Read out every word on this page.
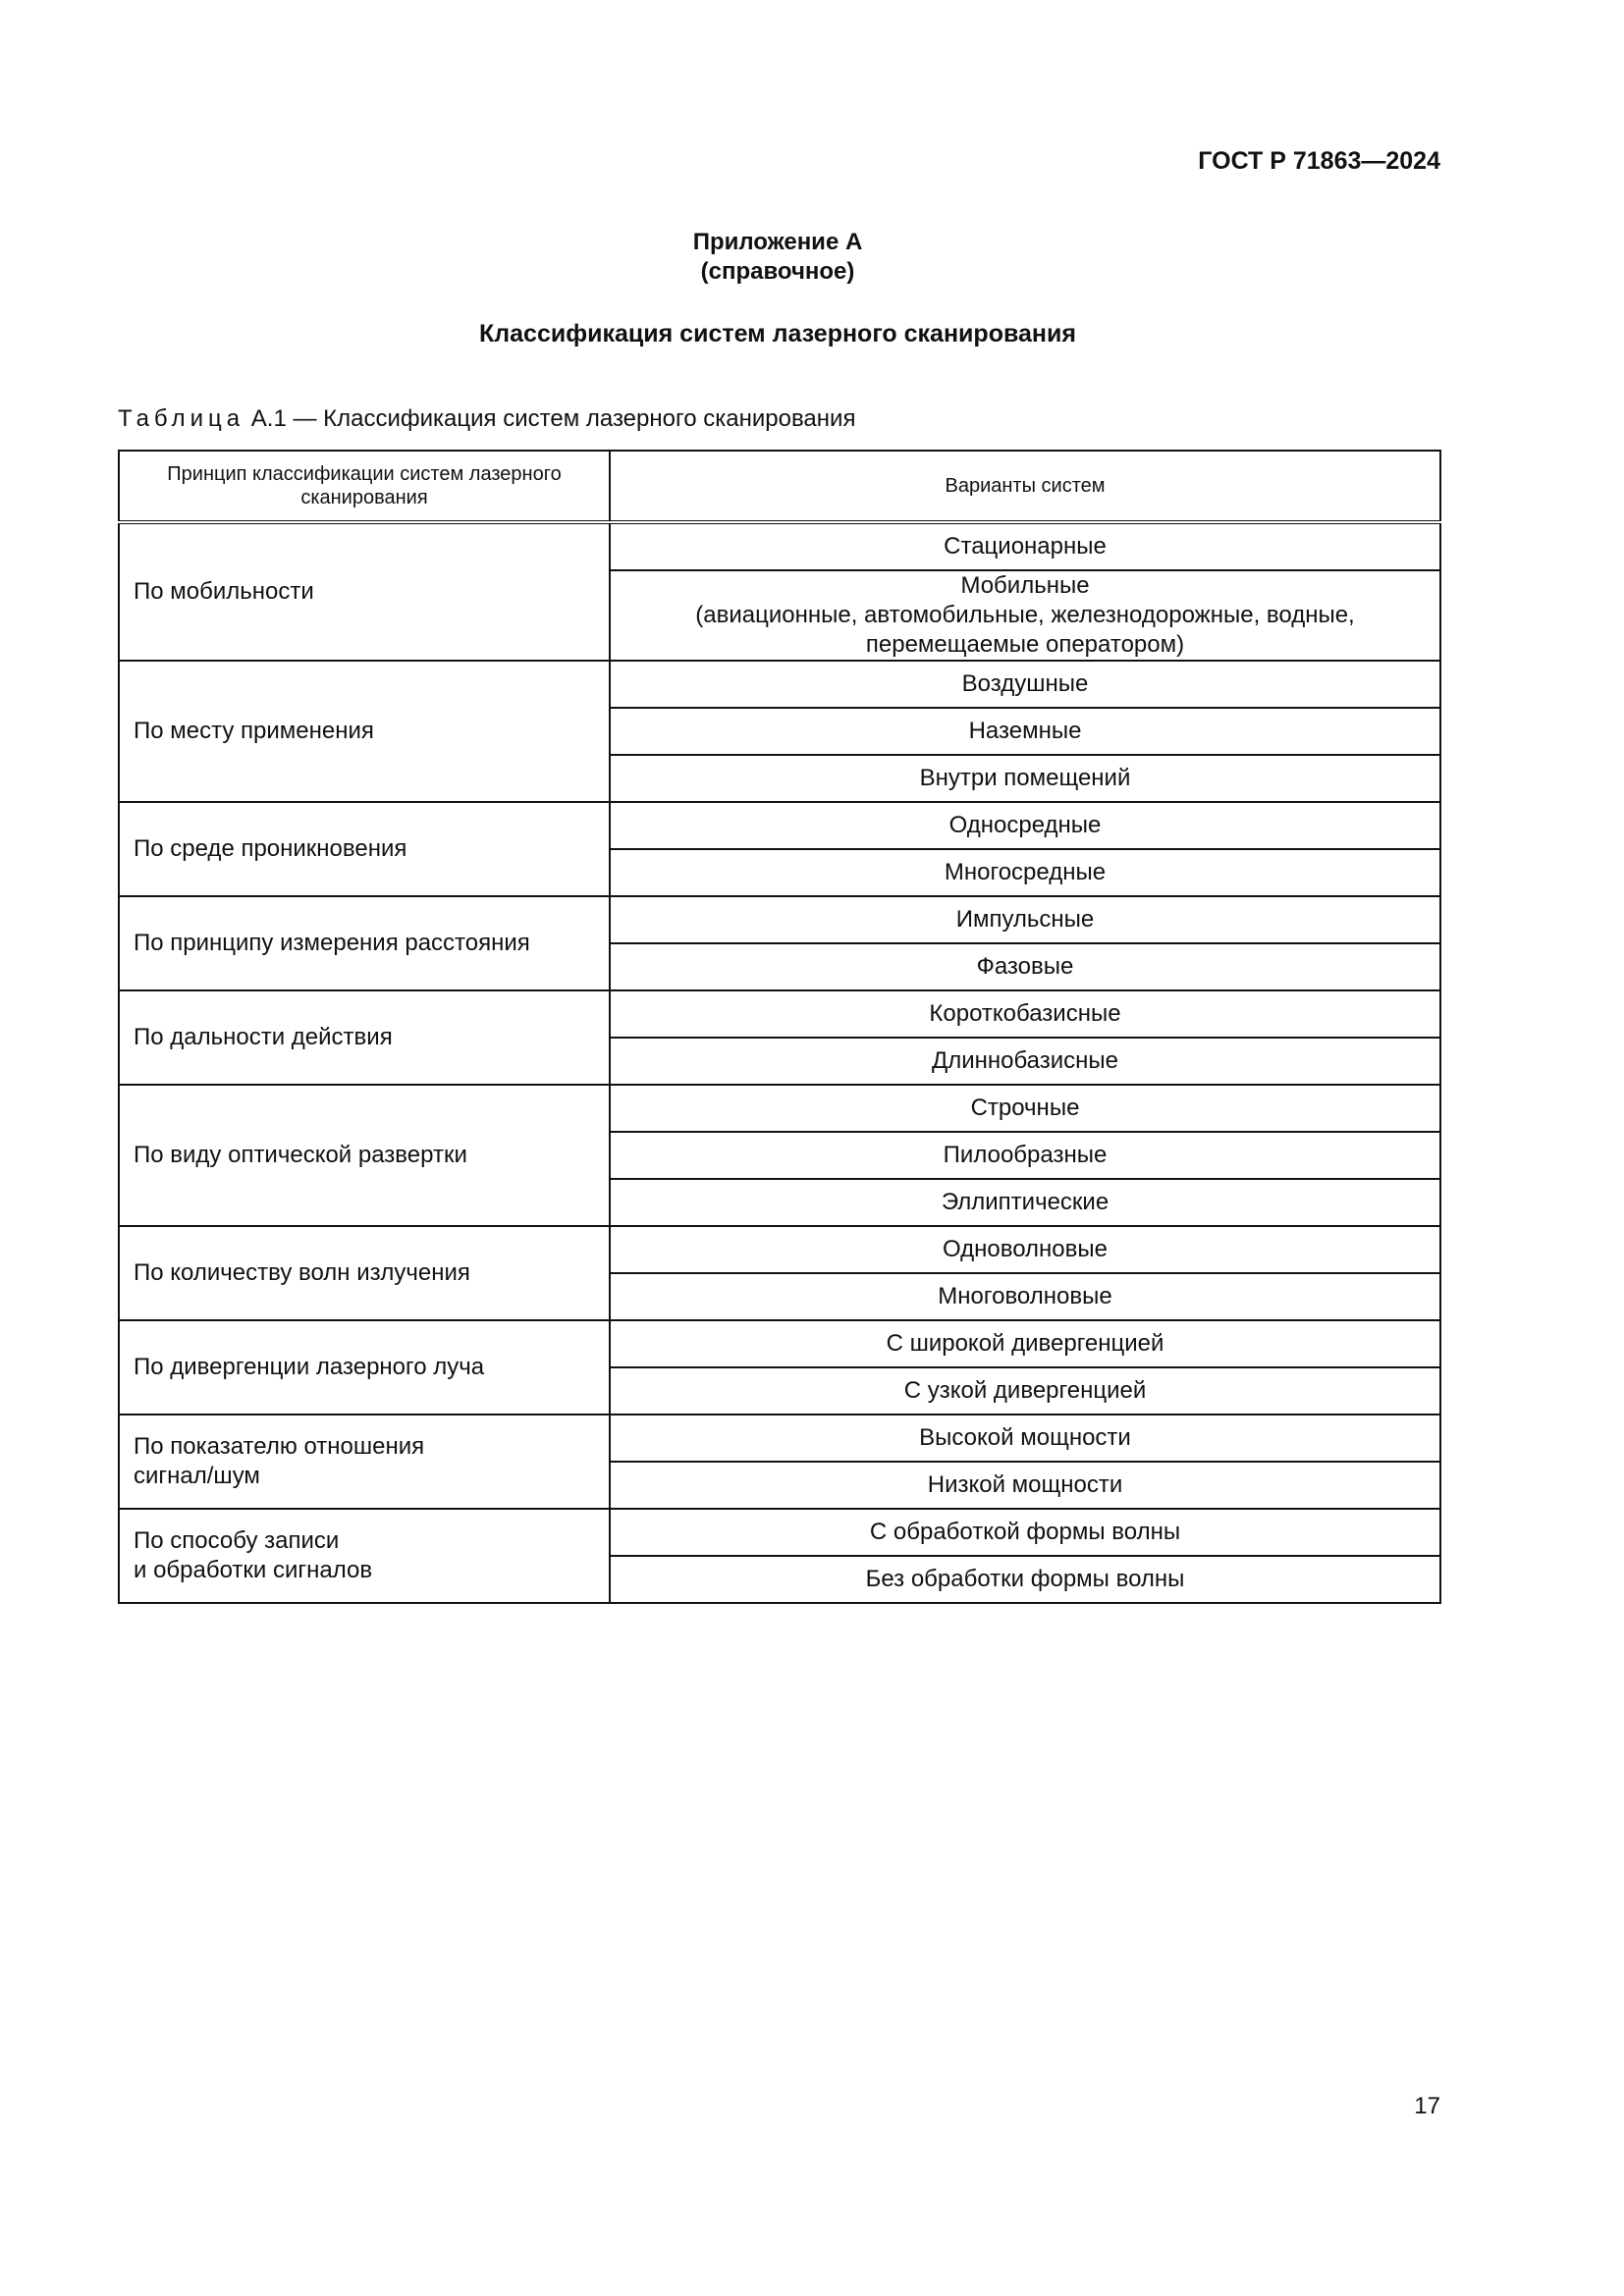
ГОСТ Р 71863—2024
Приложение А
(справочное)
Классификация систем лазерного сканирования
Таблица А.1 — Классификация систем лазерного сканирования
Принцип классификации систем лазерного сканирования	Варианты систем
По мобильности	Стационарные
	Мобильные
(авиационные, автомобильные, железнодорожные, водные,
перемещаемые оператором)
По месту применения	Воздушные
	Наземные
	Внутри помещений
По среде проникновения	Односредные
	Многосредные
По принципу измерения расстояния	Импульсные
	Фазовые
По дальности действия	Короткобазисные
	Длиннобазисные
По виду оптической развертки	Строчные
	Пилообразные
	Эллиптические
По количеству волн излучения	Одноволновые
	Многоволновые
По дивергенции лазерного луча	С широкой дивергенцией
	С узкой дивергенцией
По показателю отношения
сигнал/шум	Высокой мощности
	Низкой мощности
По способу записи
и обработки сигналов	С обработкой формы волны
	Без обработки формы волны
17
